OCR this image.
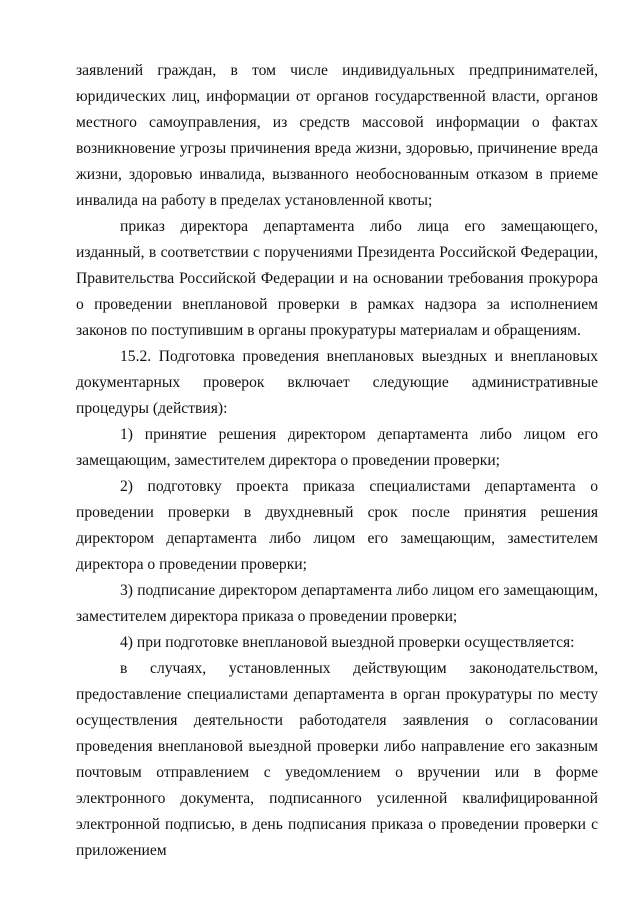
заявлений граждан, в том числе индивидуальных предпринимателей, юридических лиц, информации от органов государственной власти, органов местного самоуправления, из средств массовой информации о фактах возникновение угрозы причинения вреда жизни, здоровью, причинение вреда жизни, здоровью инвалида, вызванного необоснованным отказом в приеме инвалида на работу в пределах установленной квоты;

приказ директора департамента либо лица его замещающего, изданный, в соответствии с поручениями Президента Российской Федерации, Правительства Российской Федерации и на основании требования прокурора о проведении внеплановой проверки в рамках надзора за исполнением законов по поступившим в органы прокуратуры материалам и обращениям.

15.2. Подготовка проведения внеплановых выездных и внеплановых документарных проверок включает следующие административные процедуры (действия):

1) принятие решения директором департамента либо лицом его замещающим, заместителем директора о проведении проверки;

2) подготовку проекта приказа специалистами департамента о проведении проверки в двухдневный срок после принятия решения директором департамента либо лицом его замещающим, заместителем директора о проведении проверки;

3) подписание директором департамента либо лицом его замещающим, заместителем директора приказа о проведении проверки;

4) при подготовке внеплановой выездной проверки осуществляется:

в случаях, установленных действующим законодательством, предоставление специалистами департамента в орган прокуратуры по месту осуществления деятельности работодателя заявления о согласовании проведения внеплановой выездной проверки либо направление его заказным почтовым отправлением с уведомлением о вручении или в форме электронного документа, подписанного усиленной квалифицированной электронной подписью, в день подписания приказа о проведении проверки с приложением
